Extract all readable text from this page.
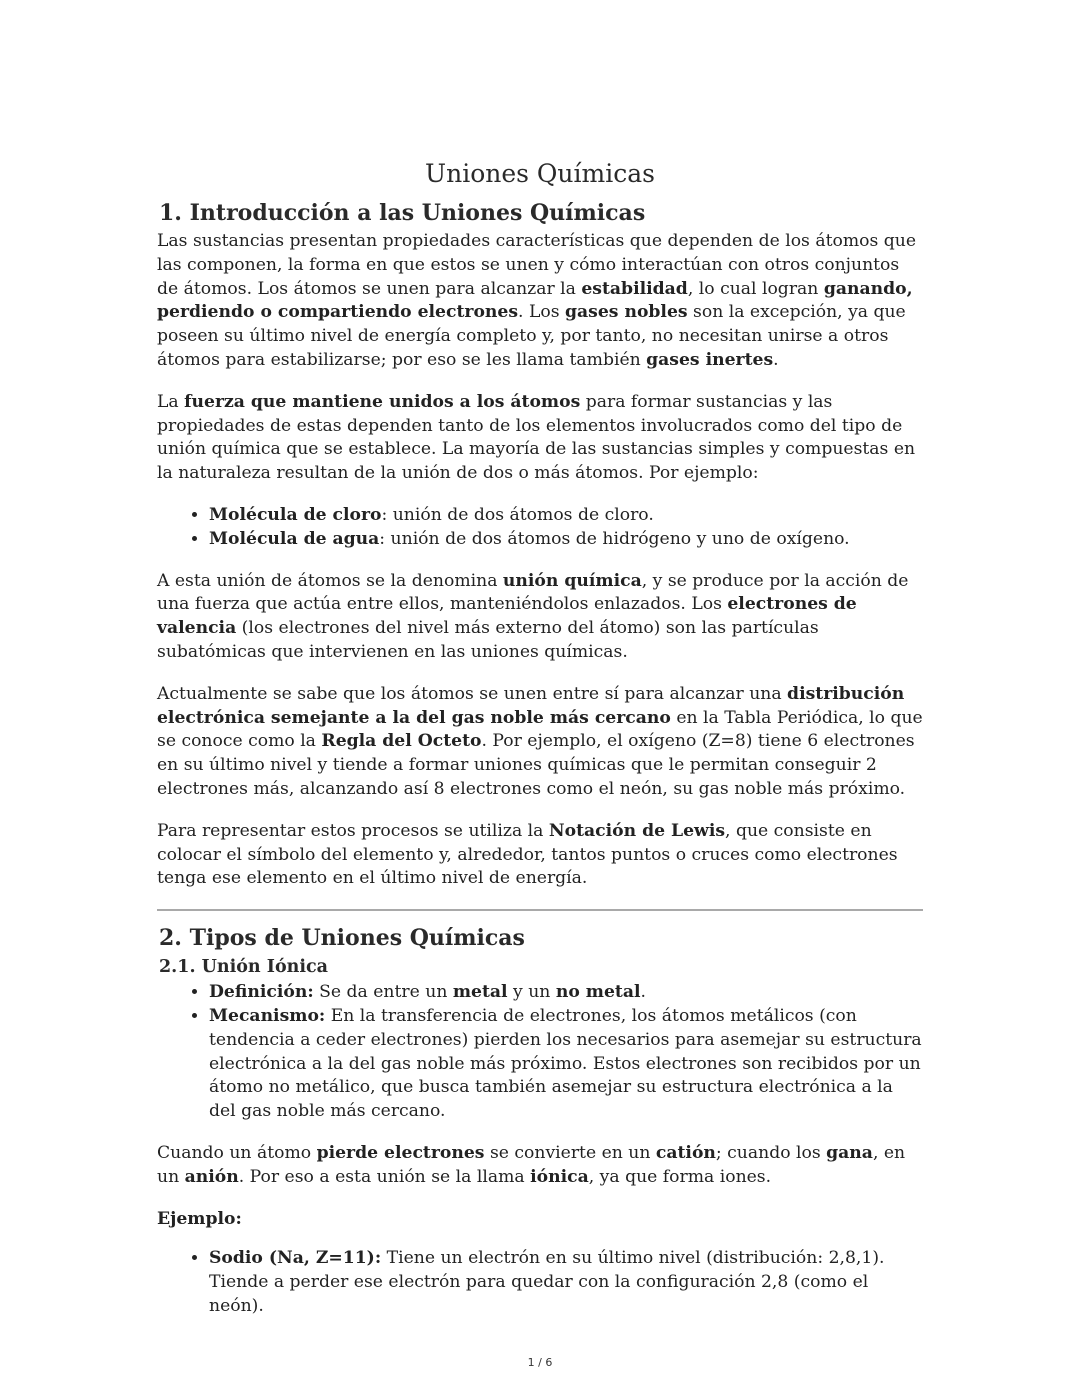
Uniones Químicas
1. Introducción a las Uniones Químicas

Las sustancias presentan propiedades características que dependen de los átomos que las componen, la forma en que estos se unen y cómo interactúan con otros conjuntos de átomos. Los átomos se unen para alcanzar la estabilidad, lo cual logran ganando, perdiendo o compartiendo electrones. Los gases nobles son la excepción, ya que poseen su último nivel de energía completo y, por tanto, no necesitan unirse a otros átomos para estabilizarse; por eso se les llama también gases inertes.

La fuerza que mantiene unidos a los átomos para formar sustancias y las propiedades de estas dependen tanto de los elementos involucrados como del tipo de unión química que se establece. La mayoría de las sustancias simples y compuestas en la naturaleza resultan de la unión de dos o más átomos. Por ejemplo:

• Molécula de cloro: unión de dos átomos de cloro.
• Molécula de agua: unión de dos átomos de hidrógeno y uno de oxígeno.

A esta unión de átomos se la denomina unión química, y se produce por la acción de una fuerza que actúa entre ellos, manteniéndolos enlazados. Los electrones de valencia (los electrones del nivel más externo del átomo) son las partículas subatómicas que intervienen en las uniones químicas.

Actualmente se sabe que los átomos se unen entre sí para alcanzar una distribución electrónica semejante a la del gas noble más cercano en la Tabla Periódica, lo que se conoce como la Regla del Octeto. Por ejemplo, el oxígeno (Z=8) tiene 6 electrones en su último nivel y tiende a formar uniones químicas que le permitan conseguir 2 electrones más, alcanzando así 8 electrones como el neón, su gas noble más próximo.

Para representar estos procesos se utiliza la Notación de Lewis, que consiste en colocar el símbolo del elemento y, alrededor, tantos puntos o cruces como electrones tenga ese elemento en el último nivel de energía.

2. Tipos de Uniones Químicas
2.1. Unión Iónica
• Definición: Se da entre un metal y un no metal.
• Mecanismo: En la transferencia de electrones, los átomos metálicos (con tendencia a ceder electrones) pierden los necesarios para asemejar su estructura electrónica a la del gas noble más próximo. Estos electrones son recibidos por un átomo no metálico, que busca también asemejar su estructura electrónica a la del gas noble más cercano.

Cuando un átomo pierde electrones se convierte en un catión; cuando los gana, en un anión. Por eso a esta unión se la llama iónica, ya que forma iones.

Ejemplo:

• Sodio (Na, Z=11): Tiene un electrón en su último nivel (distribución: 2,8,1). Tiende a perder ese electrón para quedar con la configuración 2,8 (como el neón).
1 / 6
